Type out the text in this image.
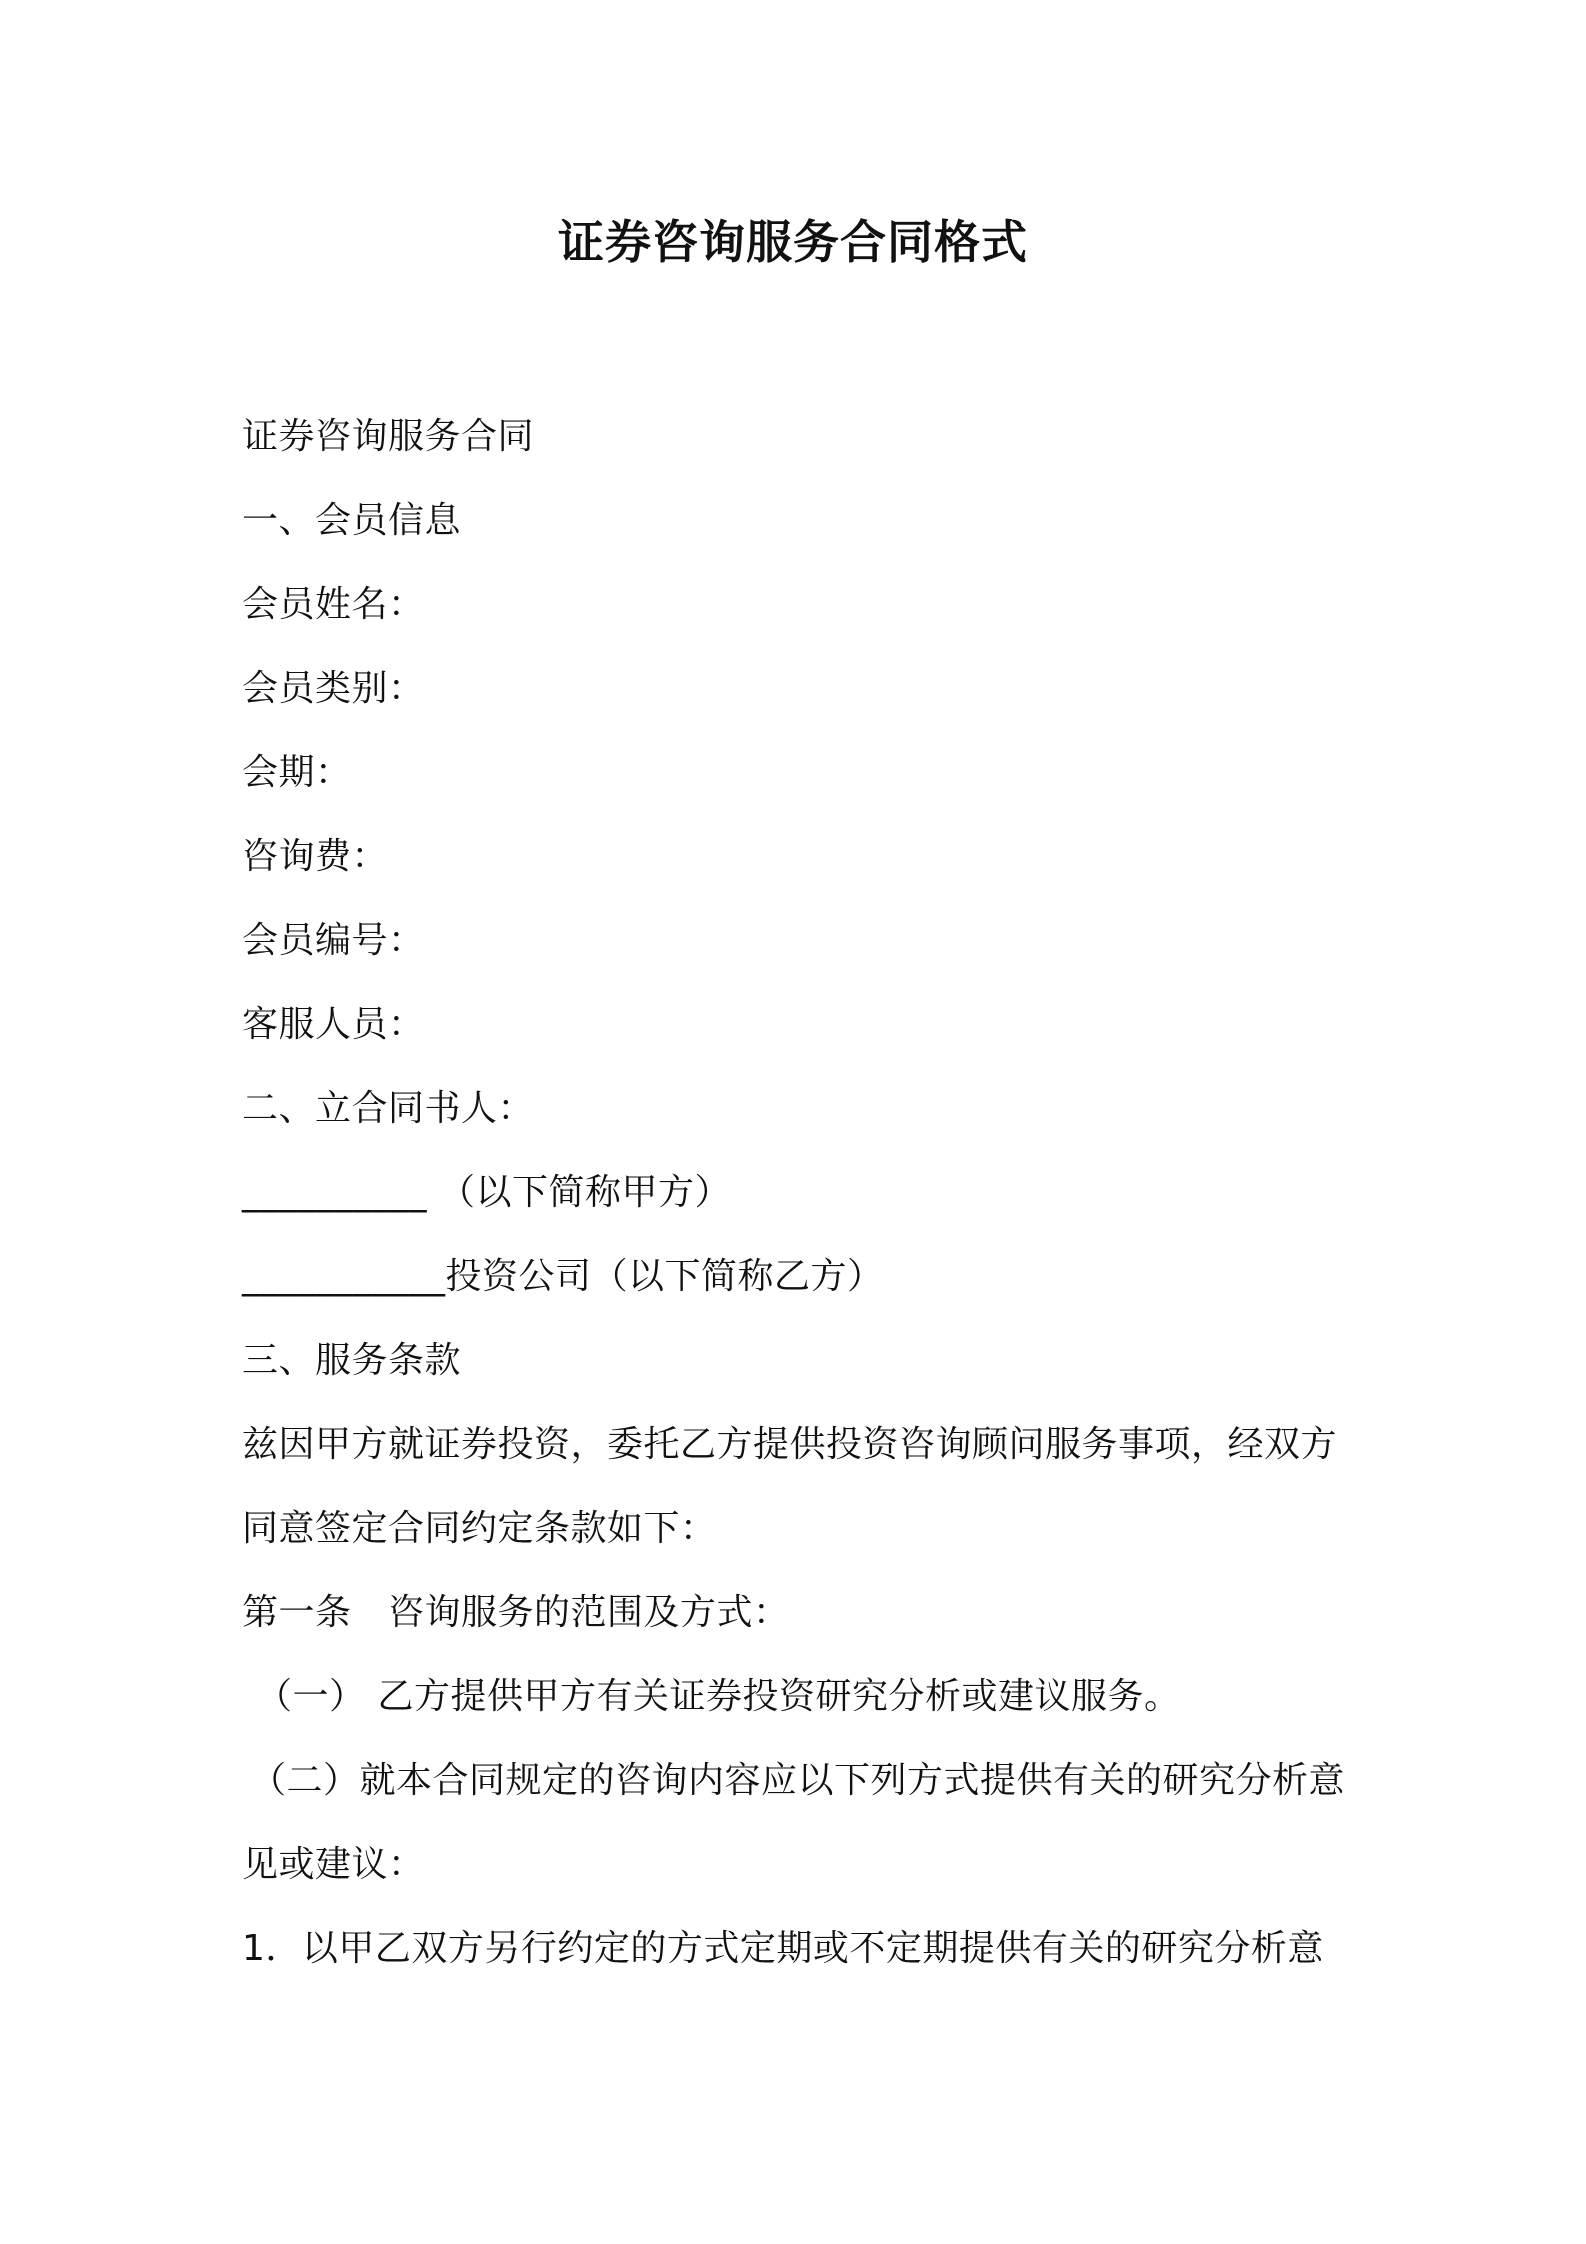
证券咨询服务合同格式
证券咨询服务合同
一、会员信息
会员姓名：
会员类别：
会期：
咨询费：
会员编号：
客服人员：
二、立合同书人：
__________ （以下简称甲方）
___________投资公司（以下简称乙方）
三、服务条款
兹因甲方就证券投资，委托乙方提供投资咨询顾问服务事项，经双方
同意签定合同约定条款如下：
第一条　咨询服务的范围及方式：
（一） 乙方提供甲方有关证券投资研究分析或建议服务。
（二）就本合同规定的咨询内容应以下列方式提供有关的研究分析意
见或建议：
1．以甲乙双方另行约定的方式定期或不定期提供有关的研究分析意
